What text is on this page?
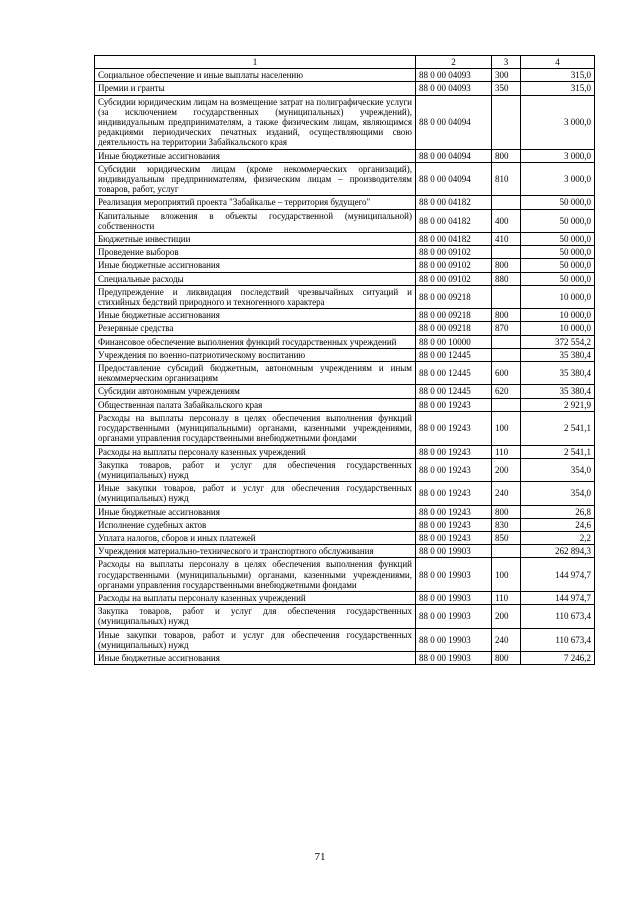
1	2	3	4
Социальное обеспечение и иные выплаты населению	88 0 00 04093	300	315,0
Премии и гранты	88 0 00 04093	350	315,0
Субсидии юридическим лицам на возмещение затрат на полиграфические услуги (за исключением государственных (муниципальных) учреждений), индивидуальным предпринимателям, а также физическим лицам, являющимся редакциями периодических печатных изданий, осуществляющими свою деятельность на территории Забайкальского края	88 0 00 04094		3 000,0
Иные бюджетные ассигнования	88 0 00 04094	800	3 000,0
Субсидии юридическим лицам (кроме некоммерческих организаций), индивидуальным предпринимателям, физическим лицам – производителям товаров, работ, услуг	88 0 00 04094	810	3 000,0
Реализация мероприятий проекта "Забайкалье – территория будущего"	88 0 00 04182		50 000,0
Капитальные вложения в объекты государственной (муниципальной) собственности	88 0 00 04182	400	50 000,0
Бюджетные инвестиции	88 0 00 04182	410	50 000,0
Проведение выборов	88 0 00 09102		50 000,0
Иные бюджетные ассигнования	88 0 00 09102	800	50 000,0
Специальные расходы	88 0 00 09102	880	50 000,0
Предупреждение и ликвидация последствий чрезвычайных ситуаций и стихийных бедствий природного и техногенного характера	88 0 00 09218		10 000,0
Иные бюджетные ассигнования	88 0 00 09218	800	10 000,0
Резервные средства	88 0 00 09218	870	10 000,0
Финансовое обеспечение выполнения функций государственных учреждений	88 0 00 10000		372 554,2
Учреждения по военно-патриотическому воспитанию	88 0 00 12445		35 380,4
Предоставление субсидий бюджетным, автономным учреждениям и иным некоммерческим организациям	88 0 00 12445	600	35 380,4
Субсидии автономным учреждениям	88 0 00 12445	620	35 380,4
Общественная палата Забайкальского края	88 0 00 19243		2 921,9
Расходы на выплаты персоналу в целях обеспечения выполнения функций государственными (муниципальными) органами, казенными учреждениями, органами управления государственными внебюджетными фондами	88 0 00 19243	100	2 541,1
Расходы на выплаты персоналу казенных учреждений	88 0 00 19243	110	2 541,1
Закупка товаров, работ и услуг для обеспечения государственных (муниципальных) нужд	88 0 00 19243	200	354,0
Иные закупки товаров, работ и услуг для обеспечения государственных (муниципальных) нужд	88 0 00 19243	240	354,0
Иные бюджетные ассигнования	88 0 00 19243	800	26,8
Исполнение судебных актов	88 0 00 19243	830	24,6
Уплата налогов, сборов и иных платежей	88 0 00 19243	850	2,2
Учреждения материально-технического и транспортного обслуживания	88 0 00 19903		262 894,3
Расходы на выплаты персоналу в целях обеспечения выполнения функций государственными (муниципальными) органами, казенными учреждениями, органами управления государственными внебюджетными фондами	88 0 00 19903	100	144 974,7
Расходы на выплаты персоналу казенных учреждений	88 0 00 19903	110	144 974,7
Закупка товаров, работ и услуг для обеспечения государственных (муниципальных) нужд	88 0 00 19903	200	110 673,4
Иные закупки товаров, работ и услуг для обеспечения государственных (муниципальных) нужд	88 0 00 19903	240	110 673,4
Иные бюджетные ассигнования	88 0 00 19903	800	7 246,2
71
